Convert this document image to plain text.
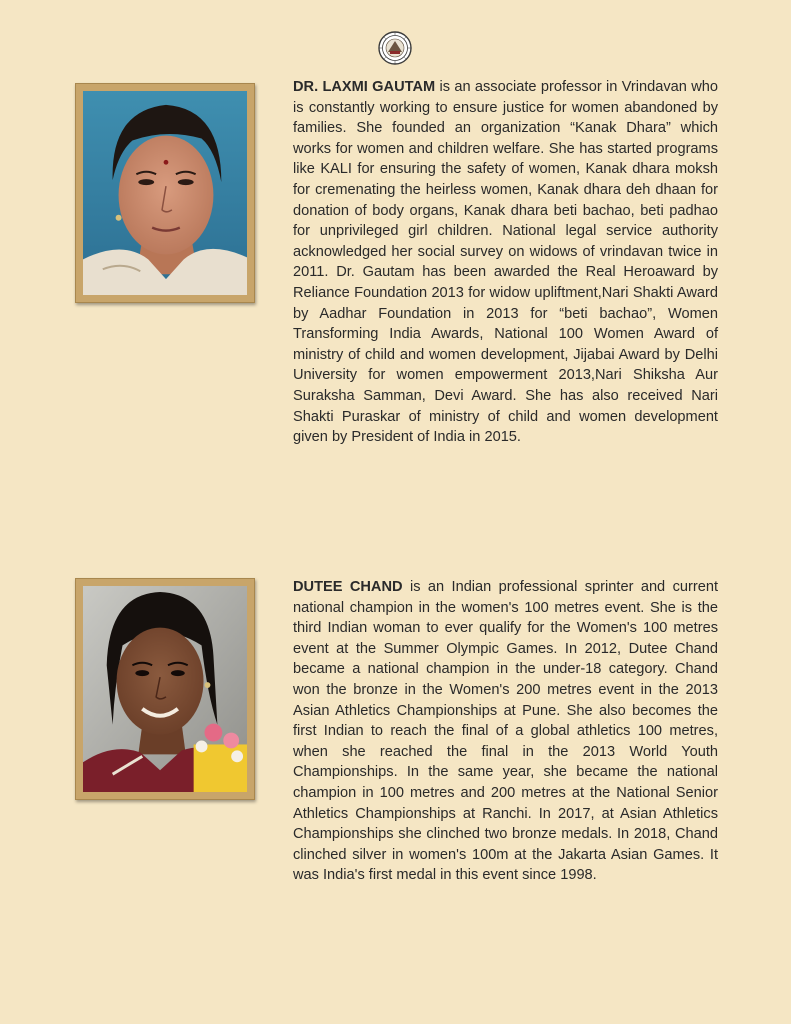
DR. LAXMI GAUTAM is an associate professor in Vrindavan who is constantly working to ensure justice for women abandoned by families. She founded an organization “Kanak Dhara” which works for women and children welfare. She has started programs like KALI for ensuring the safety of women, Kanak dhara moksh for cremenating the heirless women, Kanak dhara deh dhaan for donation of body organs, Kanak dhara beti bachao, beti padhao for unprivileged girl children. National legal service authority acknowledged her social survey on widows of vrindavan twice in 2011. Dr. Gautam has been awarded the Real Heroaward by Reliance Foundation 2013 for widow upliftment,Nari Shakti Award by Aadhar Foundation in 2013 for “beti bachao”, Women Transforming India Awards, National 100 Women Award of ministry of child and women development, Jijabai Award by Delhi University for women empowerment 2013,Nari Shiksha Aur Suraksha Samman, Devi Award. She has also received Nari Shakti Puraskar of ministry of child and women development given by President of India in 2015.

DUTEE CHAND is an Indian professional sprinter and current national champion in the women's 100 metres event. She is the third Indian woman to ever qualify for the Women's 100 metres event at the Summer Olympic Games. In 2012, Dutee Chand became a national champion in the under-18 category. Chand won the bronze in the Women's 200 metres event in the 2013 Asian Athletics Championships at Pune. She also becomes the first Indian to reach the final of a global athletics 100 metres, when she reached the final in the 2013 World Youth Championships. In the same year, she became the national champion in 100 metres and 200 metres at the National Senior Athletics Championships at Ranchi. In 2017, at Asian Athletics Championships she clinched two bronze medals. In 2018, Chand clinched silver in women's 100m at the Jakarta Asian Games. It was India's first medal in this event since 1998.
